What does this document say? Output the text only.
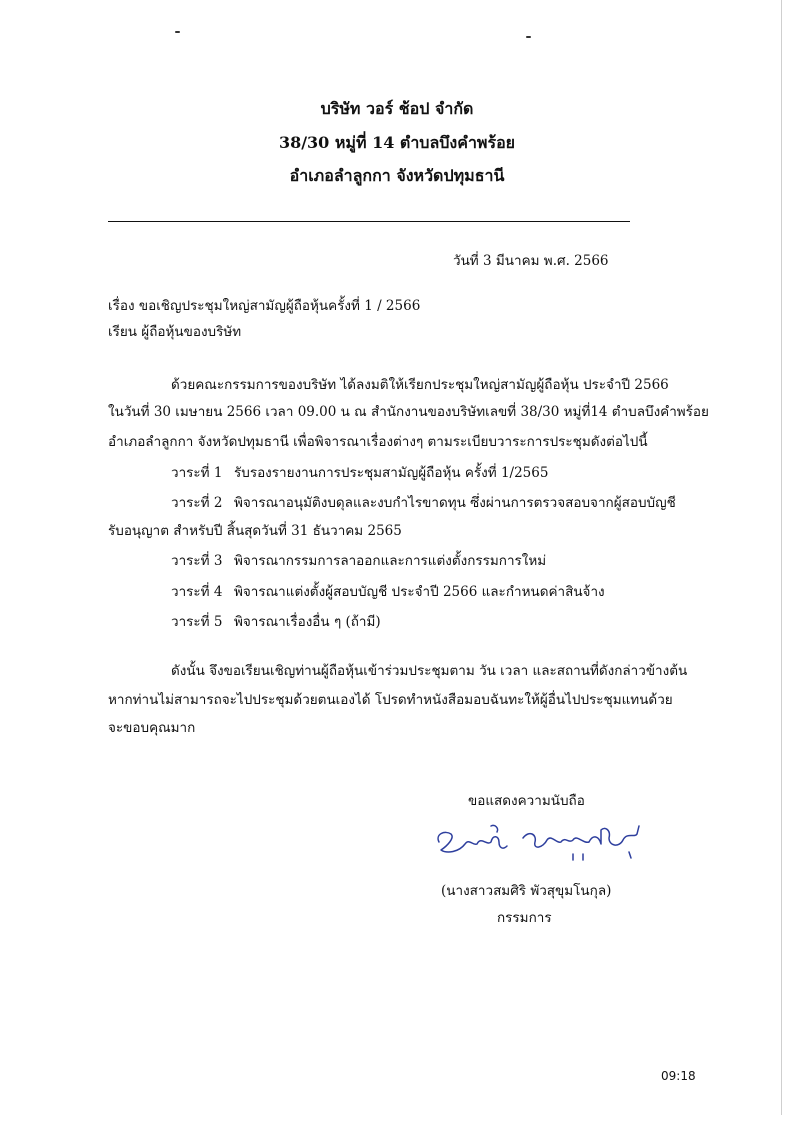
บริษัท วอร์ ช้อป จำกัด
38/30 หมู่ที่ 14 ตำบลบึงคำพร้อย
อำเภอลำลูกกา จังหวัดปทุมธานี
วันที่ 3 มีนาคม พ.ศ. 2566
เรื่อง ขอเชิญประชุมใหญ่สามัญผู้ถือหุ้นครั้งที่ 1 / 2566
เรียน ผู้ถือหุ้นของบริษัท
ด้วยคณะกรรมการของบริษัท ได้ลงมติให้เรียกประชุมใหญ่สามัญผู้ถือหุ้น ประจำปี 2566
ในวันที่ 30 เมษายน 2566 เวลา 09.00 น ณ สำนักงานของบริษัทเลขที่ 38/30 หมู่ที่14 ตำบลบึงคำพร้อย
อำเภอลำลูกกา จังหวัดปทุมธานี เพื่อพิจารณาเรื่องต่างๆ ตามระเบียบวาระการประชุมดังต่อไปนี้
วาระที่ 1 รับรองรายงานการประชุมสามัญผู้ถือหุ้น ครั้งที่ 1/2565
วาระที่ 2 พิจารณาอนุมัติงบดุลและงบกำไรขาดทุน ซึ่งผ่านการตรวจสอบจากผู้สอบบัญชี
รับอนุญาต สำหรับปี สิ้นสุดวันที่ 31 ธันวาคม 2565
วาระที่ 3 พิจารณากรรมการลาออกและการแต่งตั้งกรรมการใหม่
วาระที่ 4 พิจารณาแต่งตั้งผู้สอบบัญชี ประจำปี 2566 และกำหนดค่าสินจ้าง
วาระที่ 5 พิจารณาเรื่องอื่น ๆ (ถ้ามี)
ดังนั้น จึงขอเรียนเชิญท่านผู้ถือหุ้นเข้าร่วมประชุมตาม วัน เวลา และสถานที่ดังกล่าวข้างต้น
หากท่านไม่สามารถจะไปประชุมด้วยตนเองได้ โปรดทำหนังสือมอบฉันทะให้ผู้อื่นไปประชุมแทนด้วย
จะขอบคุณมาก
ขอแสดงความนับถือ
(นางสาวสมศิริ พัวสุขุมโนกุล)
กรรมการ
09:18
